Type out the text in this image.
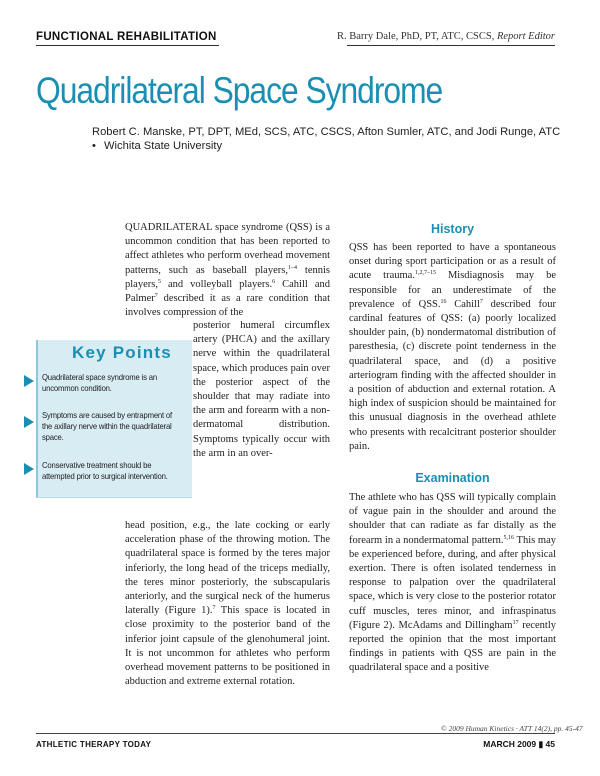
FUNCTIONAL REHABILITATION	R. Barry Dale, PhD, PT, ATC, CSCS, Report Editor
Quadrilateral Space Syndrome
Robert C. Manske, PT, DPT, MEd, SCS, ATC, CSCS, Afton Sumler, ATC, and Jodi Runge, ATC
• Wichita State University

QUADRILATERAL space syndrome (QSS) is a uncommon condition that has been reported to affect athletes who perform overhead movement patterns, such as baseball players,$^{1-4}$ tennis players,$^5$ and volleyball players.$^6$ Cahill and Palmer$^7$ described it as a rare condition that involves compression of the

posterior humeral circumflex artery (PHCA) and the axillary nerve within the quadrilateral space, which produces pain over the posterior aspect of the shoulder that may radiate into the arm and forearm with a non-dermatomal distribution. Symptoms typically occur with the arm in an over-

head position, e.g., the late cocking or early acceleration phase of the throwing motion. The quadrilateral space is formed by the teres major inferiorly, the long head of the triceps medially, the teres minor posteriorly, the subscapularis anteriorly, and the surgical neck of the humerus laterally (Figure 1).$^7$ This space is located in close proximity to the posterior band of the inferior joint capsule of the glenohumeral joint. It is not uncommon for athletes who perform overhead movement patterns to be positioned in abduction and extreme external rotation.

Key Points
Quadrilateral space syndrome is an uncommon condition.
Symptoms are caused by entrapment of the axillary nerve within the quadrilateral space.
Conservative treatment should be attempted prior to surgical intervention.
History

QSS has been reported to have a spontaneous onset during sport participation or as a result of acute trauma.$^{1,2,7-15}$ Misdiagnosis may be responsible for an underestimate of the prevalence of QSS.$^{16}$ Cahill$^7$ described four cardinal features of QSS: (a) poorly localized shoulder pain, (b) nondermatomal distribution of paresthesia, (c) discrete point tenderness in the quadrilateral space, and (d) a positive arteriogram finding with the affected shoulder in a position of abduction and external rotation. A high index of suspicion should be maintained for this unusual diagnosis in the overhead athlete who presents with recalcitrant posterior shoulder pain.

Examination

The athlete who has QSS will typically complain of vague pain in the shoulder and around the shoulder that can radiate as far distally as the forearm in a nondermatomal pattern.$^{5,16}$ This may be experienced before, during, and after physical exertion. There is often isolated tenderness in response to palpation over the quadrilateral space, which is very close to the posterior rotator cuff muscles, teres minor, and infraspinatus (Figure 2). McAdams and Dillingham$^{17}$ recently reported the opinion that the most important findings in patients with QSS are pain in the quadrilateral space and a positive

© 2009 Human Kinetics · ATT 14(2), pp. 45-47
ATHLETIC THERAPY TODAY	MARCH 2009 ▮ 45
